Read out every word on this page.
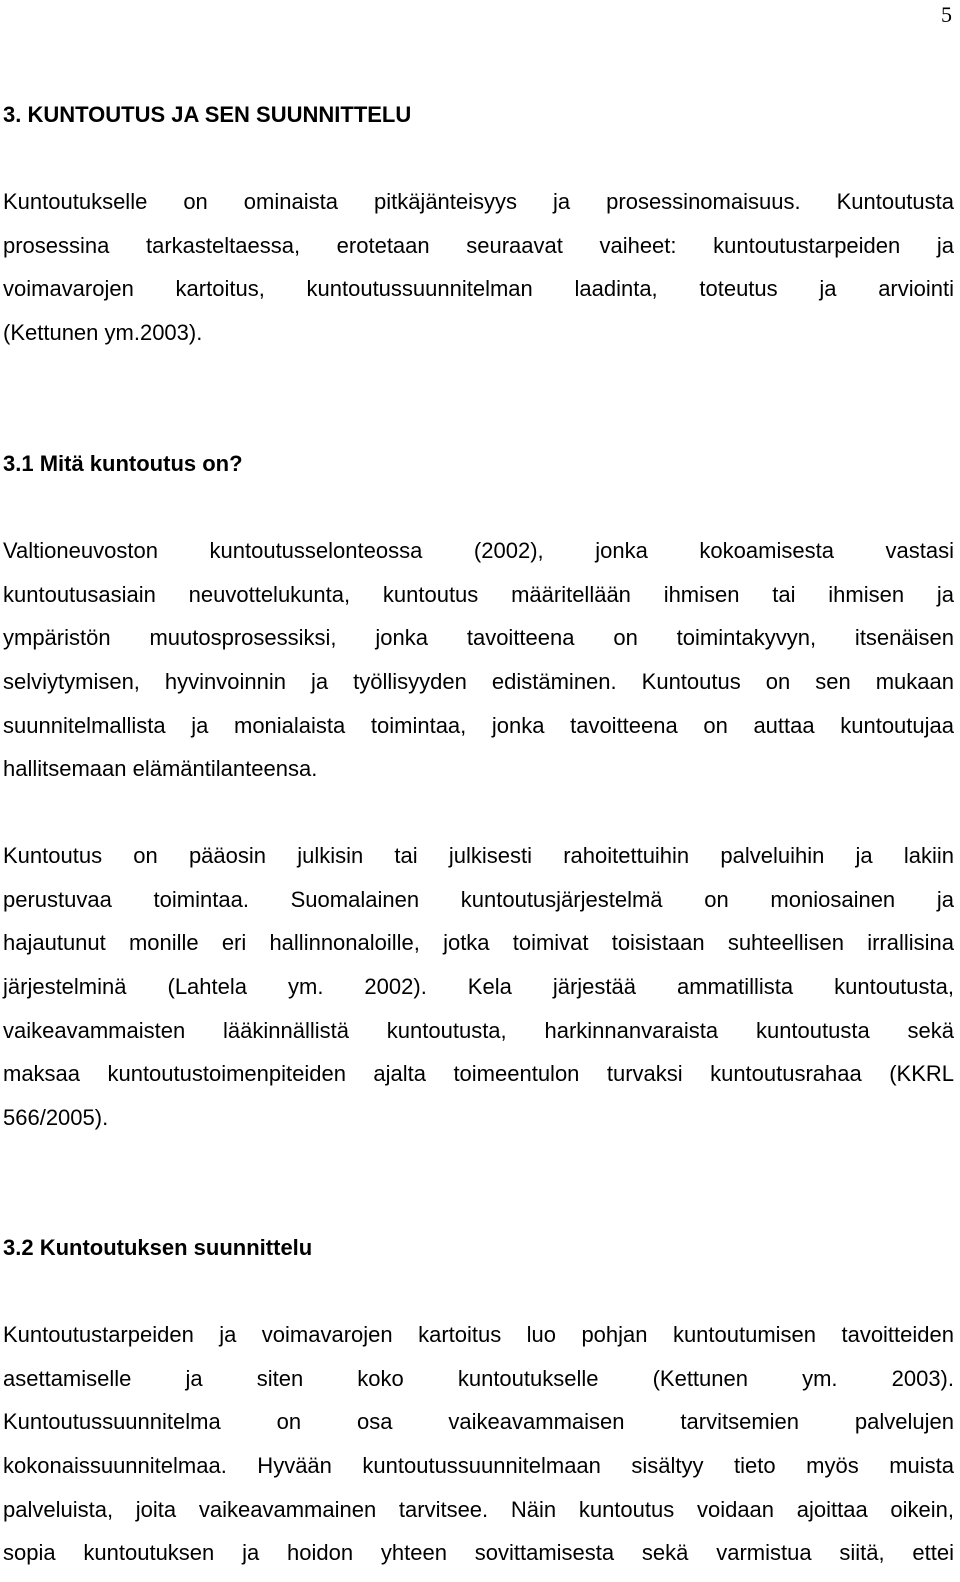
5
3. KUNTOUTUS JA SEN SUUNNITTELU
Kuntoutukselle on ominaista pitkäjänteisyys ja prosessinomaisuus. Kuntoutusta
prosessina tarkasteltaessa, erotetaan seuraavat vaiheet: kuntoutustarpeiden ja
voimavarojen kartoitus, kuntoutussuunnitelman laadinta, toteutus ja arviointi
(Kettunen ym.2003).
3.1 Mitä kuntoutus on?
Valtioneuvoston kuntoutusselonteossa (2002), jonka kokoamisesta vastasi
kuntoutusasiain neuvottelukunta, kuntoutus määritellään ihmisen tai ihmisen ja
ympäristön muutosprosessiksi, jonka tavoitteena on toimintakyvyn, itsenäisen
selviytymisen, hyvinvoinnin ja työllisyyden edistäminen. Kuntoutus on sen mukaan
suunnitelmallista ja monialaista toimintaa, jonka tavoitteena on auttaa kuntoutujaa
hallitsemaan elämäntilanteensa.
Kuntoutus on pääosin julkisin tai julkisesti rahoitettuihin palveluihin ja lakiin
perustuvaa toimintaa. Suomalainen kuntoutusjärjestelmä on moniosainen ja
hajautunut monille eri hallinnonaloille, jotka toimivat toisistaan suhteellisen irrallisina
järjestelminä (Lahtela ym. 2002). Kela järjestää ammatillista kuntoutusta,
vaikeavammaisten lääkinnällistä kuntoutusta, harkinnanvaraista kuntoutusta sekä
maksaa kuntoutustoimenpiteiden ajalta toimeentulon turvaksi kuntoutusrahaa (KKRL
566/2005).
3.2 Kuntoutuksen suunnittelu
Kuntoutustarpeiden ja voimavarojen kartoitus luo pohjan kuntoutumisen tavoitteiden
asettamiselle ja siten koko kuntoutukselle (Kettunen ym. 2003).
Kuntoutussuunnitelma on osa vaikeavammaisen tarvitsemien palvelujen
kokonaissuunnitelmaa. Hyvään kuntoutussuunnitelmaan sisältyy tieto myös muista
palveluista, joita vaikeavammainen tarvitsee. Näin kuntoutus voidaan ajoittaa oikein,
sopia kuntoutuksen ja hoidon yhteen sovittamisesta sekä varmistua siitä, ettei
